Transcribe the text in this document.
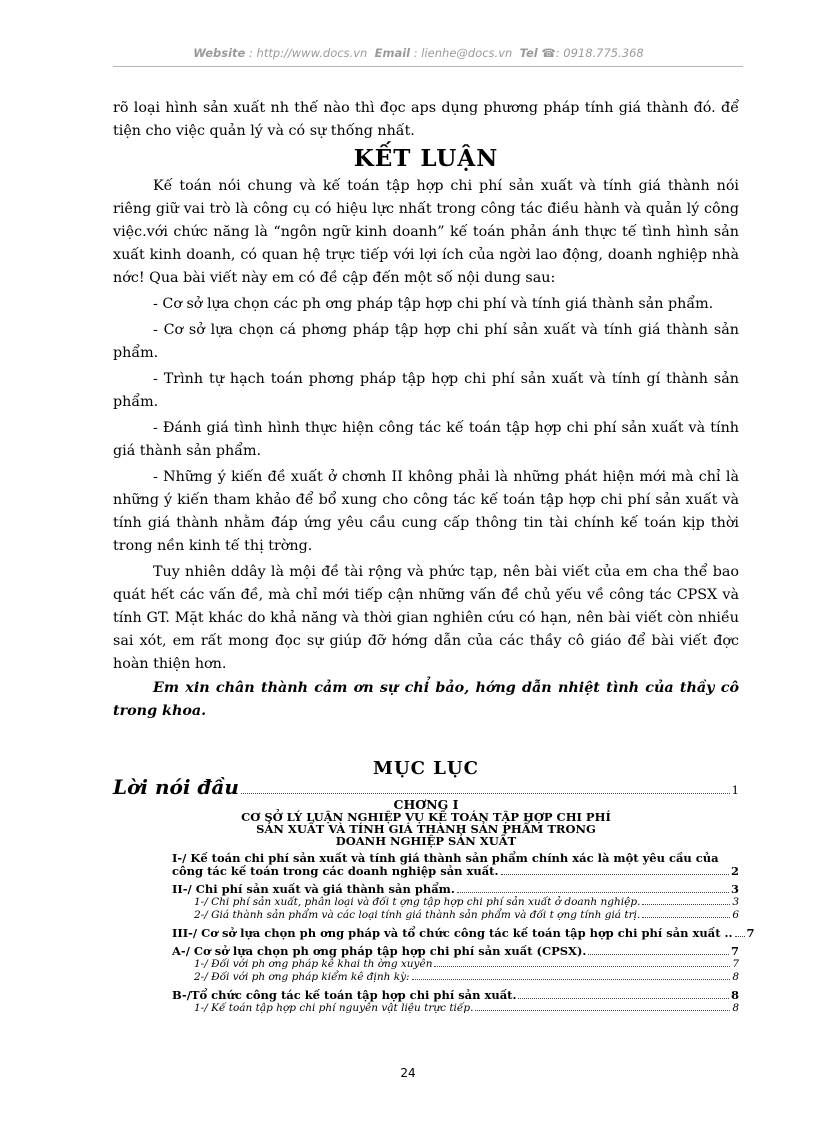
Website : http://www.docs.vn Email : lienhe@docs.vn Tel ☎: 0918.775.368

rõ loại hình sản xuất nh thế nào thì đọc aps dụng phương pháp tính giá thành đó. để tiện cho việc quản lý và có sự thống nhất.

KẾT LUẬN

Kế toán nói chung và kế toán tập hợp chi phí sản xuất và tính giá thành nói riêng giữ vai trò là công cụ có hiệu lực nhất trong công tác điều hành và quản lý công việc.với chức năng là “ngôn ngữ kinh doanh” kế toán phản ánh thực tế tình hình sản xuất kinh doanh, có quan hệ trực tiếp với lợi ích của ngời lao động, doanh nghiệp nhà nớc! Qua bài viết này em có đề cập đến một số nội dung sau:

- Cơ sở lựa chọn các ph ơng pháp tập hợp chi phí và tính giá thành sản phẩm.

- Cơ sở lựa chọn cá phơng pháp tập hợp chi phí sản xuất và tính giá thành sản phẩm.

- Trình tự hạch toán phơng pháp tập hợp chi phí sản xuất và tính gí thành sản phẩm.

- Đánh giá tình hình thực hiện công tác kế toán tập hợp chi phí sản xuất và tính giá thành sản phẩm.

- Những ý kiến đề xuất ở chơnh II không phải là những phát hiện mới mà chỉ là những ý kiến tham khảo để bổ xung cho công tác kế toán tập hợp chi phí sản xuất và tính giá thành nhằm đáp ứng yêu cầu cung cấp thông tin tài chính kế toán kịp thời trong nền kinh tế thị trờng.

Tuy nhiên ddây là mội đề tài rộng và phức tạp, nên bài viết của em cha thể bao quát hết các vấn đề, mà chỉ mới tiếp cận những vấn đề chủ yếu về công tác CPSX và tính GT. Mặt khác do khả năng và thời gian nghiên cứu có hạn, nên bài viết còn nhiều sai xót, em rất mong đọc sự giúp đỡ hớng dẫn của các thầy cô giáo để bài viết đợc hoàn thiện hơn.

Em xin chân thành cảm ơn sự chỉ bảo, hớng dẫn nhiệt tình của thầy cô trong khoa.

MỤC LỤC
Lời nói đầu	1
CHƠNG I
CƠ SỞ LÝ LUẬN NGHIỆP VỤ KẾ TOÁN TẬP HỢP CHI PHÍ
SẢN XUẤT VÀ TÍNH GIÁ THÀNH SẢN PHẨM TRONG
DOANH NGHIỆP SẢN XUẤT
I-/ Kế toán chi phí sản xuất và tính giá thành sản phẩm chính xác là một yêu cầu của
công tác kế toán trong các doanh nghiệp sản xuất.	2
II-/ Chi phí sản xuất và giá thành sản phẩm.	3
1-/ Chi phí sản xuất, phân loại và đối t ợng tập hợp chi phí sản xuất ở doanh nghiệp.	3
2-/ Giá thành sản phẩm và các loại tính giá thành sản phẩm và đối t ợng tính giá trị.	6
III-/ Cơ sở lựa chọn ph ơng pháp và tổ chức công tác kế toán tập hợp chi phí sản xuất .. 7
A-/ Cơ sở lựa chọn ph ơng pháp tập hợp chi phí sản xuất (CPSX).	7
1-/ Đối với ph ơng pháp kê khai th ờng xuyên	7
2-/ Đối với ph ơng pháp kiểm kê định kỳ:	8
B-/Tổ chức công tác kế toán tập hợp chi phí sản xuất.	8
1-/ Kế toán tập hợp chi phí nguyên vật liệu trực tiếp.	8
24
